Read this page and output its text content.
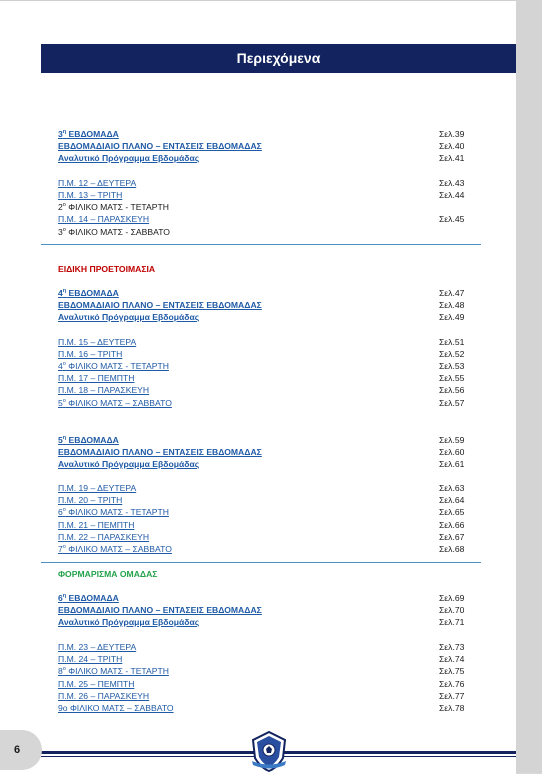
Περιεχόμενα
$3^\eta$ ΕΒΔΟΜΑΔΑ	Σελ.39
ΕΒΔΟΜΑΔΙΑΙΟ ΠΛΑΝΟ – ΕΝΤΑΣΕΙΣ ΕΒΔΟΜΑΔΑΣ	Σελ.40
Αναλυτικό Πρόγραμμα Εβδομάδας	Σελ.41
Π.Μ. 12 – ΔΕΥΤΕΡΑ	Σελ.43
Π.Μ. 13 – ΤΡΙΤΗ	Σελ.44
$2^o$ ΦΙΛΙΚΟ ΜΑΤΣ - ΤΕΤΑΡΤΗ
Π.Μ. 14 – ΠΑΡΑΣΚΕΥΗ	Σελ.45
$3^o$ ΦΙΛΙΚΟ ΜΑΤΣ - ΣΑΒΒΑΤΟ
$4^\eta$ ΕΒΔΟΜΑΔΑ	Σελ.47
ΕΒΔΟΜΑΔΙΑΙΟ ΠΛΑΝΟ – ΕΝΤΑΣΕΙΣ ΕΒΔΟΜΑΔΑΣ	Σελ.48
Αναλυτικό Πρόγραμμα Εβδομάδας	Σελ.49
Π.Μ. 15 – ΔΕΥΤΕΡΑ	Σελ.51
Π.Μ. 16 – ΤΡΙΤΗ	Σελ.52
$4^o$ ΦΙΛΙΚΟ ΜΑΤΣ - ΤΕΤΑΡΤΗ	Σελ.53
Π.Μ. 17 – ΠΕΜΠΤΗ	Σελ.55
Π.Μ. 18 – ΠΑΡΑΣΚΕΥΗ	Σελ.56
$5^o$ ΦΙΛΙΚΟ ΜΑΤΣ – ΣΑΒΒΑΤΟ	Σελ.57
$5^\eta$ ΕΒΔΟΜΑΔΑ	Σελ.59
ΕΒΔΟΜΑΔΙΑΙΟ ΠΛΑΝΟ – ΕΝΤΑΣΕΙΣ ΕΒΔΟΜΑΔΑΣ	Σελ.60
Αναλυτικό Πρόγραμμα Εβδομάδας	Σελ.61
Π.Μ. 19 – ΔΕΥΤΕΡΑ	Σελ.63
Π.Μ. 20 – ΤΡΙΤΗ	Σελ.64
$6^o$ ΦΙΛΙΚΟ ΜΑΤΣ - ΤΕΤΑΡΤΗ	Σελ.65
Π.Μ. 21 – ΠΕΜΠΤΗ	Σελ.66
Π.Μ. 22 – ΠΑΡΑΣΚΕΥΗ	Σελ.67
$7^o$ ΦΙΛΙΚΟ ΜΑΤΣ – ΣΑΒΒΑΤΟ	Σελ.68
$6^\eta$ ΕΒΔΟΜΑΔΑ	Σελ.69
ΕΒΔΟΜΑΔΙΑΙΟ ΠΛΑΝΟ – ΕΝΤΑΣΕΙΣ ΕΒΔΟΜΑΔΑΣ	Σελ.70
Αναλυτικό Πρόγραμμα Εβδομάδας	Σελ.71
Π.Μ. 23 – ΔΕΥΤΕΡΑ	Σελ.73
Π.Μ. 24 – ΤΡΙΤΗ	Σελ.74
$8^o$ ΦΙΛΙΚΟ ΜΑΤΣ - ΤΕΤΑΡΤΗ	Σελ.75
Π.Μ. 25 – ΠΕΜΠΤΗ	Σελ.76
Π.Μ. 26 – ΠΑΡΑΣΚΕΥΗ	Σελ.77
9ο ΦΙΛΙΚΟ ΜΑΤΣ – ΣΑΒΒΑΤΟ	Σελ.78
ΕΙΔΙΚΗ ΠΡΟΕΤΟΙΜΑΣΙΑ
ΦΟΡΜΑΡΙΣΜΑ ΟΜΑΔΑΣ
6
